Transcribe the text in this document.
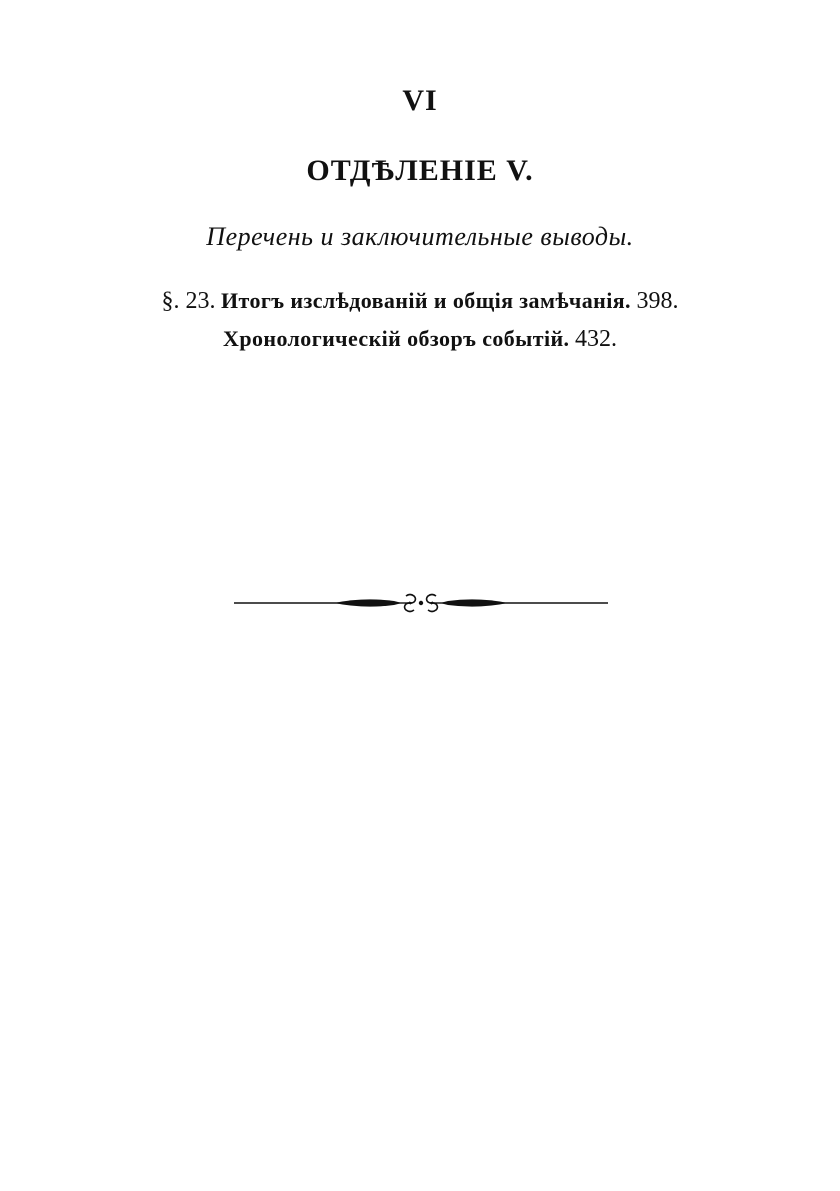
VI
ОТДѢЛЕНІЕ V.
Перечень и заключительные выводы.
§. 23. Итогъ изслѣдованій и общія замѣчанія. 398.
Хронологическій обзоръ событій. 432.
